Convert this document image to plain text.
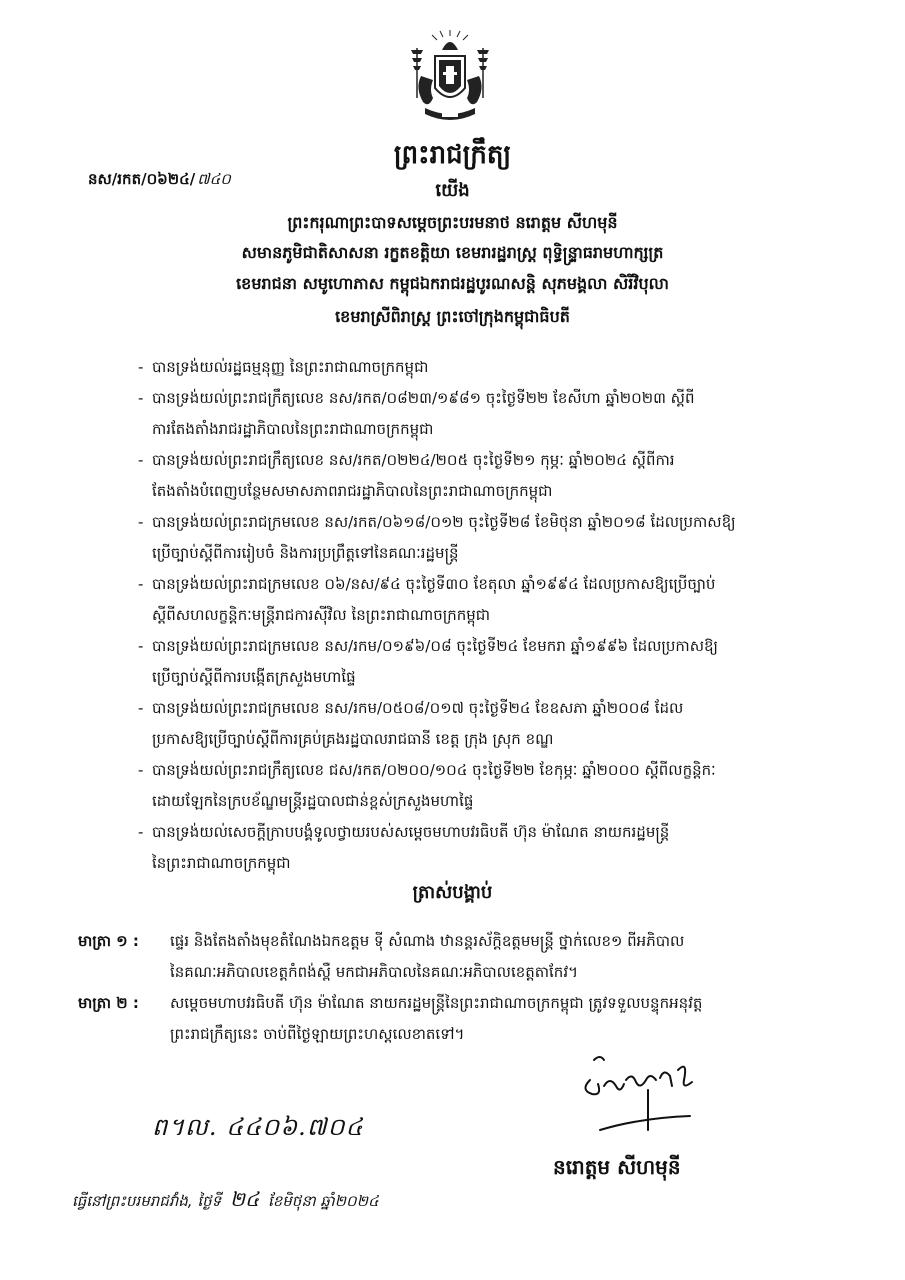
នស/រកត/០៦២៤/ ៧៤០
ព្រះរាជក្រឹត្យ
យើង
ព្រះករុណាព្រះបាទសម្តេចព្រះបរមនាថ នរោត្តម សីហមុនី
សមានភូមិជាតិសាសនា រក្ខតខត្តិយា ខេមរារដ្ឋរាស្ត្រ ពុទ្ធិន្ទ្រាធរាមហាក្សត្រ
ខេមរាជនា សមូហោភាស កម្ពុជឯករាជរដ្ឋបូរណសន្តិ សុភមង្គលា សិរីវិបុលា
ខេមរាស្រីពិរាស្ត្រ ព្រះចៅក្រុងកម្ពុជាធិបតី
- បានទ្រង់យល់រដ្ឋធម្មនុញ្ញ នៃព្រះរាជាណាចក្រកម្ពុជា
- បានទ្រង់យល់ព្រះរាជក្រឹត្យលេខ នស/រកត/០៨២៣/១៩៨១ ចុះថ្ងៃទី២២ ខែសីហា ឆ្នាំ២០២៣ ស្តីពី
ការតែងតាំងរាជរដ្ឋាភិបាលនៃព្រះរាជាណាចក្រកម្ពុជា
- បានទ្រង់យល់ព្រះរាជក្រឹត្យលេខ នស/រកត/០២២៤/២០៥ ចុះថ្ងៃទី២១ កុម្ភៈ ឆ្នាំ២០២៤ ស្តីពីការ
តែងតាំងបំពេញបន្ថែមសមាសភាពរាជរដ្ឋាភិបាលនៃព្រះរាជាណាចក្រកម្ពុជា
- បានទ្រង់យល់ព្រះរាជក្រមលេខ នស/រកត/០៦១៨/០១២ ចុះថ្ងៃទី២៨ ខែមិថុនា ឆ្នាំ២០១៨ ដែលប្រកាសឱ្យ
ប្រើច្បាប់ស្តីពីការរៀបចំ និងការប្រព្រឹត្តទៅនៃគណៈរដ្ឋមន្ត្រី
- បានទ្រង់យល់ព្រះរាជក្រមលេខ ០៦/នស/៩៤ ចុះថ្ងៃទី៣០ ខែតុលា ឆ្នាំ១៩៩៤ ដែលប្រកាសឱ្យប្រើច្បាប់
ស្តីពីសហលក្ខន្តិកៈមន្ត្រីរាជការស៊ីវិល នៃព្រះរាជាណាចក្រកម្ពុជា
- បានទ្រង់យល់ព្រះរាជក្រមលេខ នស/រកម/០១៩៦/០៨ ចុះថ្ងៃទី២៤ ខែមករា ឆ្នាំ១៩៩៦ ដែលប្រកាសឱ្យ
ប្រើច្បាប់ស្តីពីការបង្កើតក្រសួងមហាផ្ទៃ
- បានទ្រង់យល់ព្រះរាជក្រមលេខ នស/រកម/០៥០៨/០១៧ ចុះថ្ងៃទី២៤ ខែឧសភា ឆ្នាំ២០០៨ ដែល
ប្រកាសឱ្យប្រើច្បាប់ស្តីពីការគ្រប់គ្រងរដ្ឋបាលរាជធានី ខេត្ត ក្រុង ស្រុក ខណ្ឌ
- បានទ្រង់យល់ព្រះរាជក្រឹត្យលេខ ជស/រកត/០២០០/១០៤ ចុះថ្ងៃទី២២ ខែកុម្ភៈ ឆ្នាំ២០០០ ស្តីពីលក្ខន្តិកៈ
ដោយឡែកនៃក្របខ័ណ្ឌមន្ត្រីរដ្ឋបាលជាន់ខ្ពស់ក្រសួងមហាផ្ទៃ
- បានទ្រង់យល់សេចក្តីក្រាបបង្គំទូលថ្វាយរបស់សម្តេចមហាបវរធិបតី ហ៊ុន ម៉ាណែត នាយករដ្ឋមន្ត្រី
នៃព្រះរាជាណាចក្រកម្ពុជា
ត្រាស់បង្គាប់
មាត្រា ១ : ផ្ទេរ និងតែងតាំងមុខតំណែងឯកឧត្តម ទ៉ី សំណាង ឋានន្តរស័ក្តិឧត្តមមន្ត្រី ថ្នាក់លេខ១ ពីអភិបាល
នៃគណៈអភិបាលខេត្តកំពង់ស្ពឺ មកជាអភិបាលនៃគណៈអភិបាលខេត្តតាកែវ។
មាត្រា ២ : សម្តេចមហាបវរធិបតី ហ៊ុន ម៉ាណែត នាយករដ្ឋមន្ត្រីនៃព្រះរាជាណាចក្រកម្ពុជា ត្រូវទទួលបន្ទុកអនុវត្ត
ព្រះរាជក្រឹត្យនេះ ចាប់ពីថ្ងៃឡាយព្រះហស្តលេខាតទៅ។
ព។ល. ៤៤០៦.៧០៤
នរោត្តម សីហមុនី
ធ្វើនៅព្រះបរមរាជវាំង, ថ្ងៃទី ២៤ ខែមិថុនា ឆ្នាំ២០២៤
